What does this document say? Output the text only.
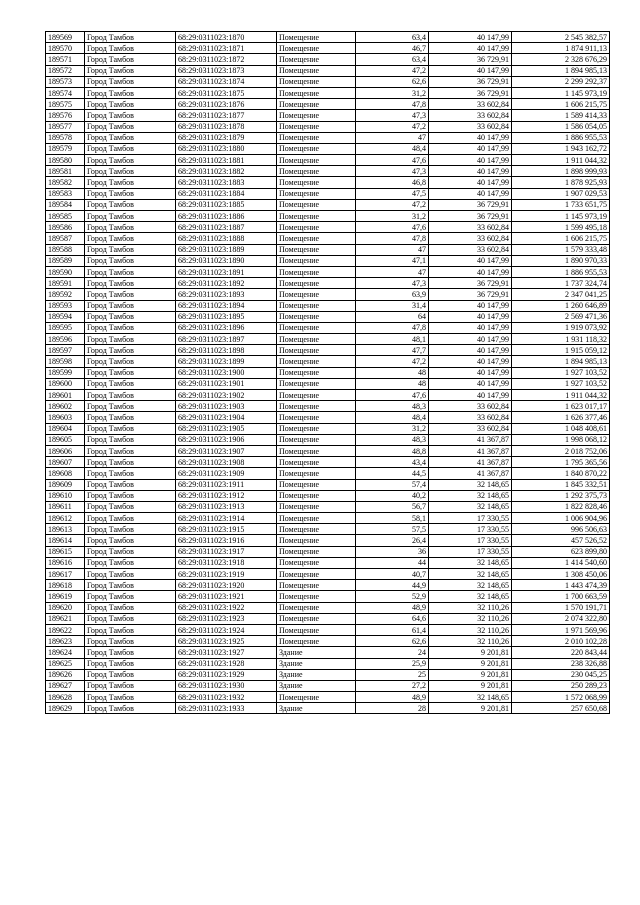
189569	Город Тамбов	68:29:0311023:1870	Помещение	63,4	40 147,99	2 545 382,57
189570	Город Тамбов	68:29:0311023:1871	Помещение	46,7	40 147,99	1 874 911,13
189571	Город Тамбов	68:29:0311023:1872	Помещение	63,4	36 729,91	2 328 676,29
189572	Город Тамбов	68:29:0311023:1873	Помещение	47,2	40 147,99	1 894 985,13
189573	Город Тамбов	68:29:0311023:1874	Помещение	62,6	36 729,91	2 299 292,37
189574	Город Тамбов	68:29:0311023:1875	Помещение	31,2	36 729,91	1 145 973,19
189575	Город Тамбов	68:29:0311023:1876	Помещение	47,8	33 602,84	1 606 215,75
189576	Город Тамбов	68:29:0311023:1877	Помещение	47,3	33 602,84	1 589 414,33
189577	Город Тамбов	68:29:0311023:1878	Помещение	47,2	33 602,84	1 586 054,05
189578	Город Тамбов	68:29:0311023:1879	Помещение	47	40 147,99	1 886 955,53
189579	Город Тамбов	68:29:0311023:1880	Помещение	48,4	40 147,99	1 943 162,72
189580	Город Тамбов	68:29:0311023:1881	Помещение	47,6	40 147,99	1 911 044,32
189581	Город Тамбов	68:29:0311023:1882	Помещение	47,3	40 147,99	1 898 999,93
189582	Город Тамбов	68:29:0311023:1883	Помещение	46,8	40 147,99	1 878 925,93
189583	Город Тамбов	68:29:0311023:1884	Помещение	47,5	40 147,99	1 907 029,53
189584	Город Тамбов	68:29:0311023:1885	Помещение	47,2	36 729,91	1 733 651,75
189585	Город Тамбов	68:29:0311023:1886	Помещение	31,2	36 729,91	1 145 973,19
189586	Город Тамбов	68:29:0311023:1887	Помещение	47,6	33 602,84	1 599 495,18
189587	Город Тамбов	68:29:0311023:1888	Помещение	47,8	33 602,84	1 606 215,75
189588	Город Тамбов	68:29:0311023:1889	Помещение	47	33 602,84	1 579 333,48
189589	Город Тамбов	68:29:0311023:1890	Помещение	47,1	40 147,99	1 890 970,33
189590	Город Тамбов	68:29:0311023:1891	Помещение	47	40 147,99	1 886 955,53
189591	Город Тамбов	68:29:0311023:1892	Помещение	47,3	36 729,91	1 737 324,74
189592	Город Тамбов	68:29:0311023:1893	Помещение	63,9	36 729,91	2 347 041,25
189593	Город Тамбов	68:29:0311023:1894	Помещение	31,4	40 147,99	1 260 646,89
189594	Город Тамбов	68:29:0311023:1895	Помещение	64	40 147,99	2 569 471,36
189595	Город Тамбов	68:29:0311023:1896	Помещение	47,8	40 147,99	1 919 073,92
189596	Город Тамбов	68:29:0311023:1897	Помещение	48,1	40 147,99	1 931 118,32
189597	Город Тамбов	68:29:0311023:1898	Помещение	47,7	40 147,99	1 915 059,12
189598	Город Тамбов	68:29:0311023:1899	Помещение	47,2	40 147,99	1 894 985,13
189599	Город Тамбов	68:29:0311023:1900	Помещение	48	40 147,99	1 927 103,52
189600	Город Тамбов	68:29:0311023:1901	Помещение	48	40 147,99	1 927 103,52
189601	Город Тамбов	68:29:0311023:1902	Помещение	47,6	40 147,99	1 911 044,32
189602	Город Тамбов	68:29:0311023:1903	Помещение	48,3	33 602,84	1 623 017,17
189603	Город Тамбов	68:29:0311023:1904	Помещение	48,4	33 602,84	1 626 377,46
189604	Город Тамбов	68:29:0311023:1905	Помещение	31,2	33 602,84	1 048 408,61
189605	Город Тамбов	68:29:0311023:1906	Помещение	48,3	41 367,87	1 998 068,12
189606	Город Тамбов	68:29:0311023:1907	Помещение	48,8	41 367,87	2 018 752,06
189607	Город Тамбов	68:29:0311023:1908	Помещение	43,4	41 367,87	1 795 365,56
189608	Город Тамбов	68:29:0311023:1909	Помещение	44,5	41 367,87	1 840 870,22
189609	Город Тамбов	68:29:0311023:1911	Помещение	57,4	32 148,65	1 845 332,51
189610	Город Тамбов	68:29:0311023:1912	Помещение	40,2	32 148,65	1 292 375,73
189611	Город Тамбов	68:29:0311023:1913	Помещение	56,7	32 148,65	1 822 828,46
189612	Город Тамбов	68:29:0311023:1914	Помещение	58,1	17 330,55	1 006 904,96
189613	Город Тамбов	68:29:0311023:1915	Помещение	57,5	17 330,55	996 506,63
189614	Город Тамбов	68:29:0311023:1916	Помещение	26,4	17 330,55	457 526,52
189615	Город Тамбов	68:29:0311023:1917	Помещение	36	17 330,55	623 899,80
189616	Город Тамбов	68:29:0311023:1918	Помещение	44	32 148,65	1 414 540,60
189617	Город Тамбов	68:29:0311023:1919	Помещение	40,7	32 148,65	1 308 450,06
189618	Город Тамбов	68:29:0311023:1920	Помещение	44,9	32 148,65	1 443 474,39
189619	Город Тамбов	68:29:0311023:1921	Помещение	52,9	32 148,65	1 700 663,59
189620	Город Тамбов	68:29:0311023:1922	Помещение	48,9	32 110,26	1 570 191,71
189621	Город Тамбов	68:29:0311023:1923	Помещение	64,6	32 110,26	2 074 322,80
189622	Город Тамбов	68:29:0311023:1924	Помещение	61,4	32 110,26	1 971 569,96
189623	Город Тамбов	68:29:0311023:1925	Помещение	62,6	32 110,26	2 010 102,28
189624	Город Тамбов	68:29:0311023:1927	Здание	24	9 201,81	220 843,44
189625	Город Тамбов	68:29:0311023:1928	Здание	25,9	9 201,81	238 326,88
189626	Город Тамбов	68:29:0311023:1929	Здание	25	9 201,81	230 045,25
189627	Город Тамбов	68:29:0311023:1930	Здание	27,2	9 201,81	250 289,23
189628	Город Тамбов	68:29:0311023:1932	Помещение	48,9	32 148,65	1 572 068,99
189629	Город Тамбов	68:29:0311023:1933	Здание	28	9 201,81	257 650,68
